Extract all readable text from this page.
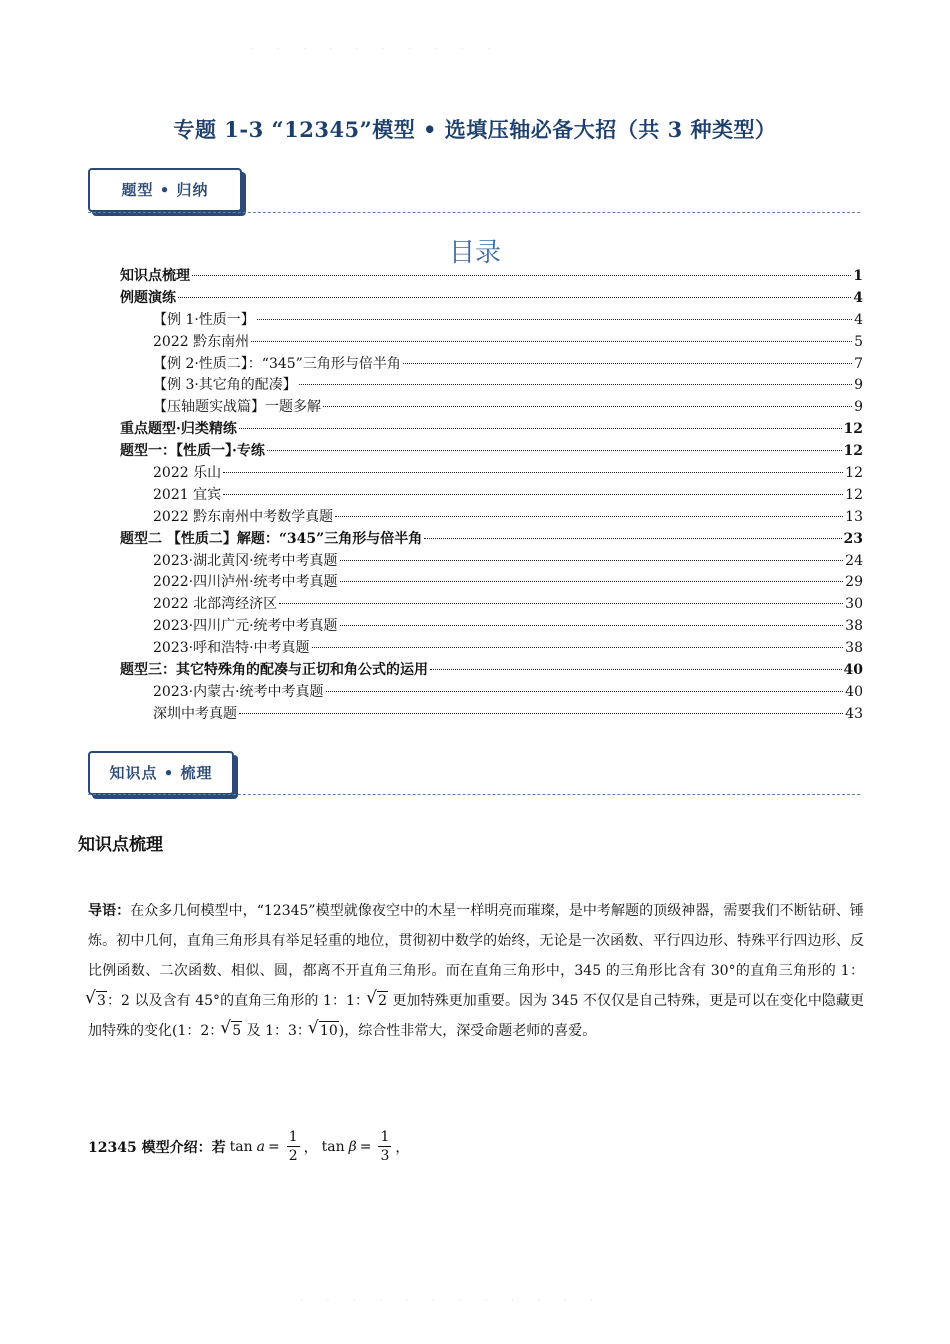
· · · · · · · · · ·
专题 1-3 “12345”模型 • 选填压轴必备大招（共 3 种类型）
题型 • 归纳
目录
知识点梳理	1
例题演练	4
【例 1·性质一】	4
2022 黔东南州	5
【例 2·性质二】：“345”三角形与倍半角	7
【例 3·其它角的配凑】	9
【压轴题实战篇】一题多解	9
重点题型·归类精练	12
题型一：【性质一】·专练	12
2022 乐山	12
2021 宜宾	12
2022 黔东南州中考数学真题	13
题型二 【性质二】解题：“345”三角形与倍半角	23
2023·湖北黄冈·统考中考真题	24
2022·四川泸州·统考中考真题	29
2022 北部湾经济区	30
2023·四川广元·统考中考真题	38
2023·呼和浩特·中考真题	38
题型三：其它特殊角的配凑与正切和角公式的运用	40
2023·内蒙古·统考中考真题	40
深圳中考真题	43
知识点 • 梳理
知识点梳理
导语：在众多几何模型中，“12345”模型就像夜空中的木星一样明亮而璀璨，是中考解题的顶级神器，需要我们不断钻研、锤炼。初中几何，直角三角形具有举足轻重的地位，贯彻初中数学的始终，无论是一次函数、平行四边形、特殊平行四边形、反比例函数、二次函数、相似、圆，都离不开直角三角形。而在直角三角形中，345 的三角形比含有 30°的直角三角形的 1：√ 3：2 以及含有 45°的直角三角形的 1：1： √ 2 更加特殊更加重要。因为 345 不仅仅是自己特殊，更是可以在变化中隐藏更加特殊的变化(1：2： √ 5 及 1：3： √ 10)，综合性非常大，深受命题老师的喜爱。
12345 模型介绍：若 $\tan a = \frac{1}{2}$ ， $\tan \beta = \frac{1}{3}$ ，
· · · · · · · · · · · ·
